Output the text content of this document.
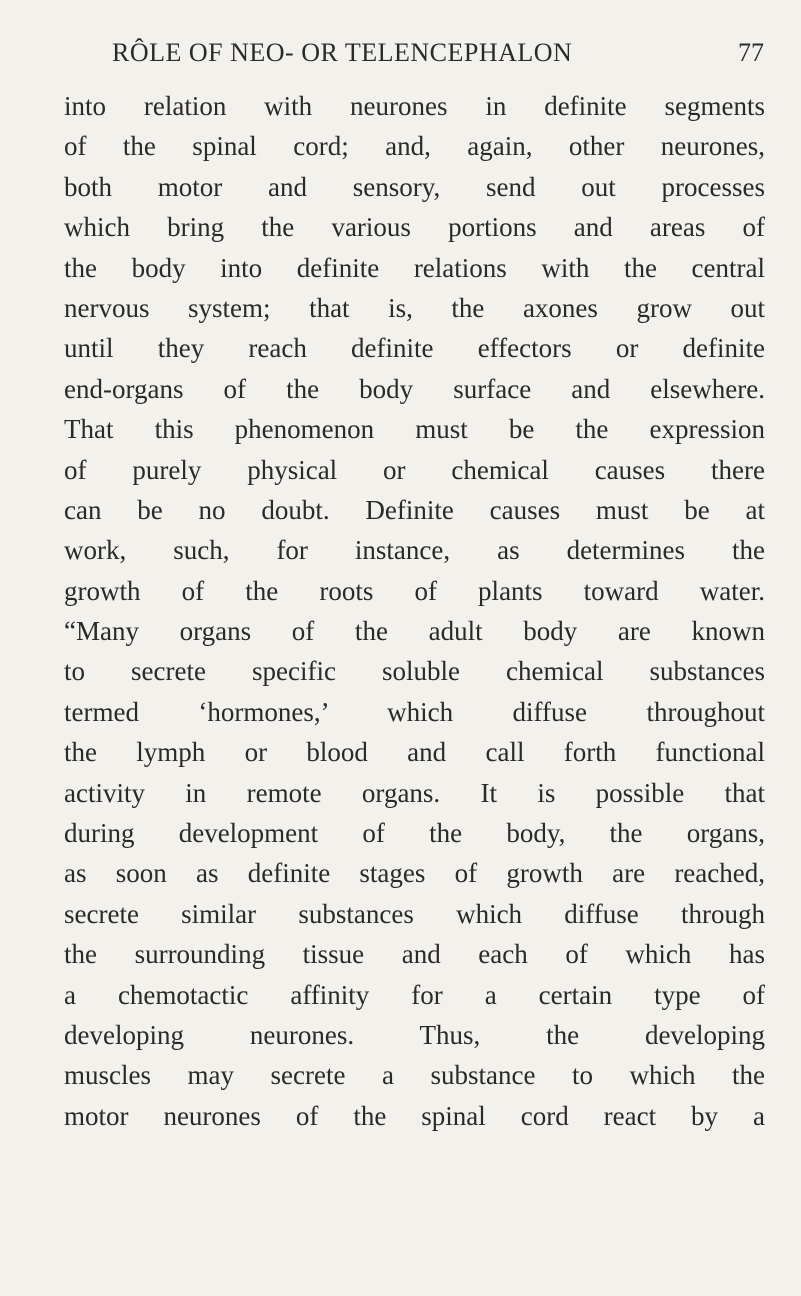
RÔLE OF NEO- OR TELENCEPHALON	77
into relation with neurones in definite segments
of the spinal cord; and, again, other neurones,
both motor and sensory, send out processes
which bring the various portions and areas of
the body into definite relations with the central
nervous system; that is, the axones grow out
until they reach definite effectors or definite
end-organs of the body surface and elsewhere.
That this phenomenon must be the expression
of purely physical or chemical causes there
can be no doubt. Definite causes must be at
work, such, for instance, as determines the
growth of the roots of plants toward water.
“Many organs of the adult body are known
to secrete specific soluble chemical substances
termed ‘hormones,’ which diffuse throughout
the lymph or blood and call forth functional
activity in remote organs. It is possible that
during development of the body, the organs,
as soon as definite stages of growth are reached,
secrete similar substances which diffuse through
the surrounding tissue and each of which has
a chemotactic affinity for a certain type of
developing neurones. Thus, the developing
muscles may secrete a substance to which the
motor neurones of the spinal cord react by a
